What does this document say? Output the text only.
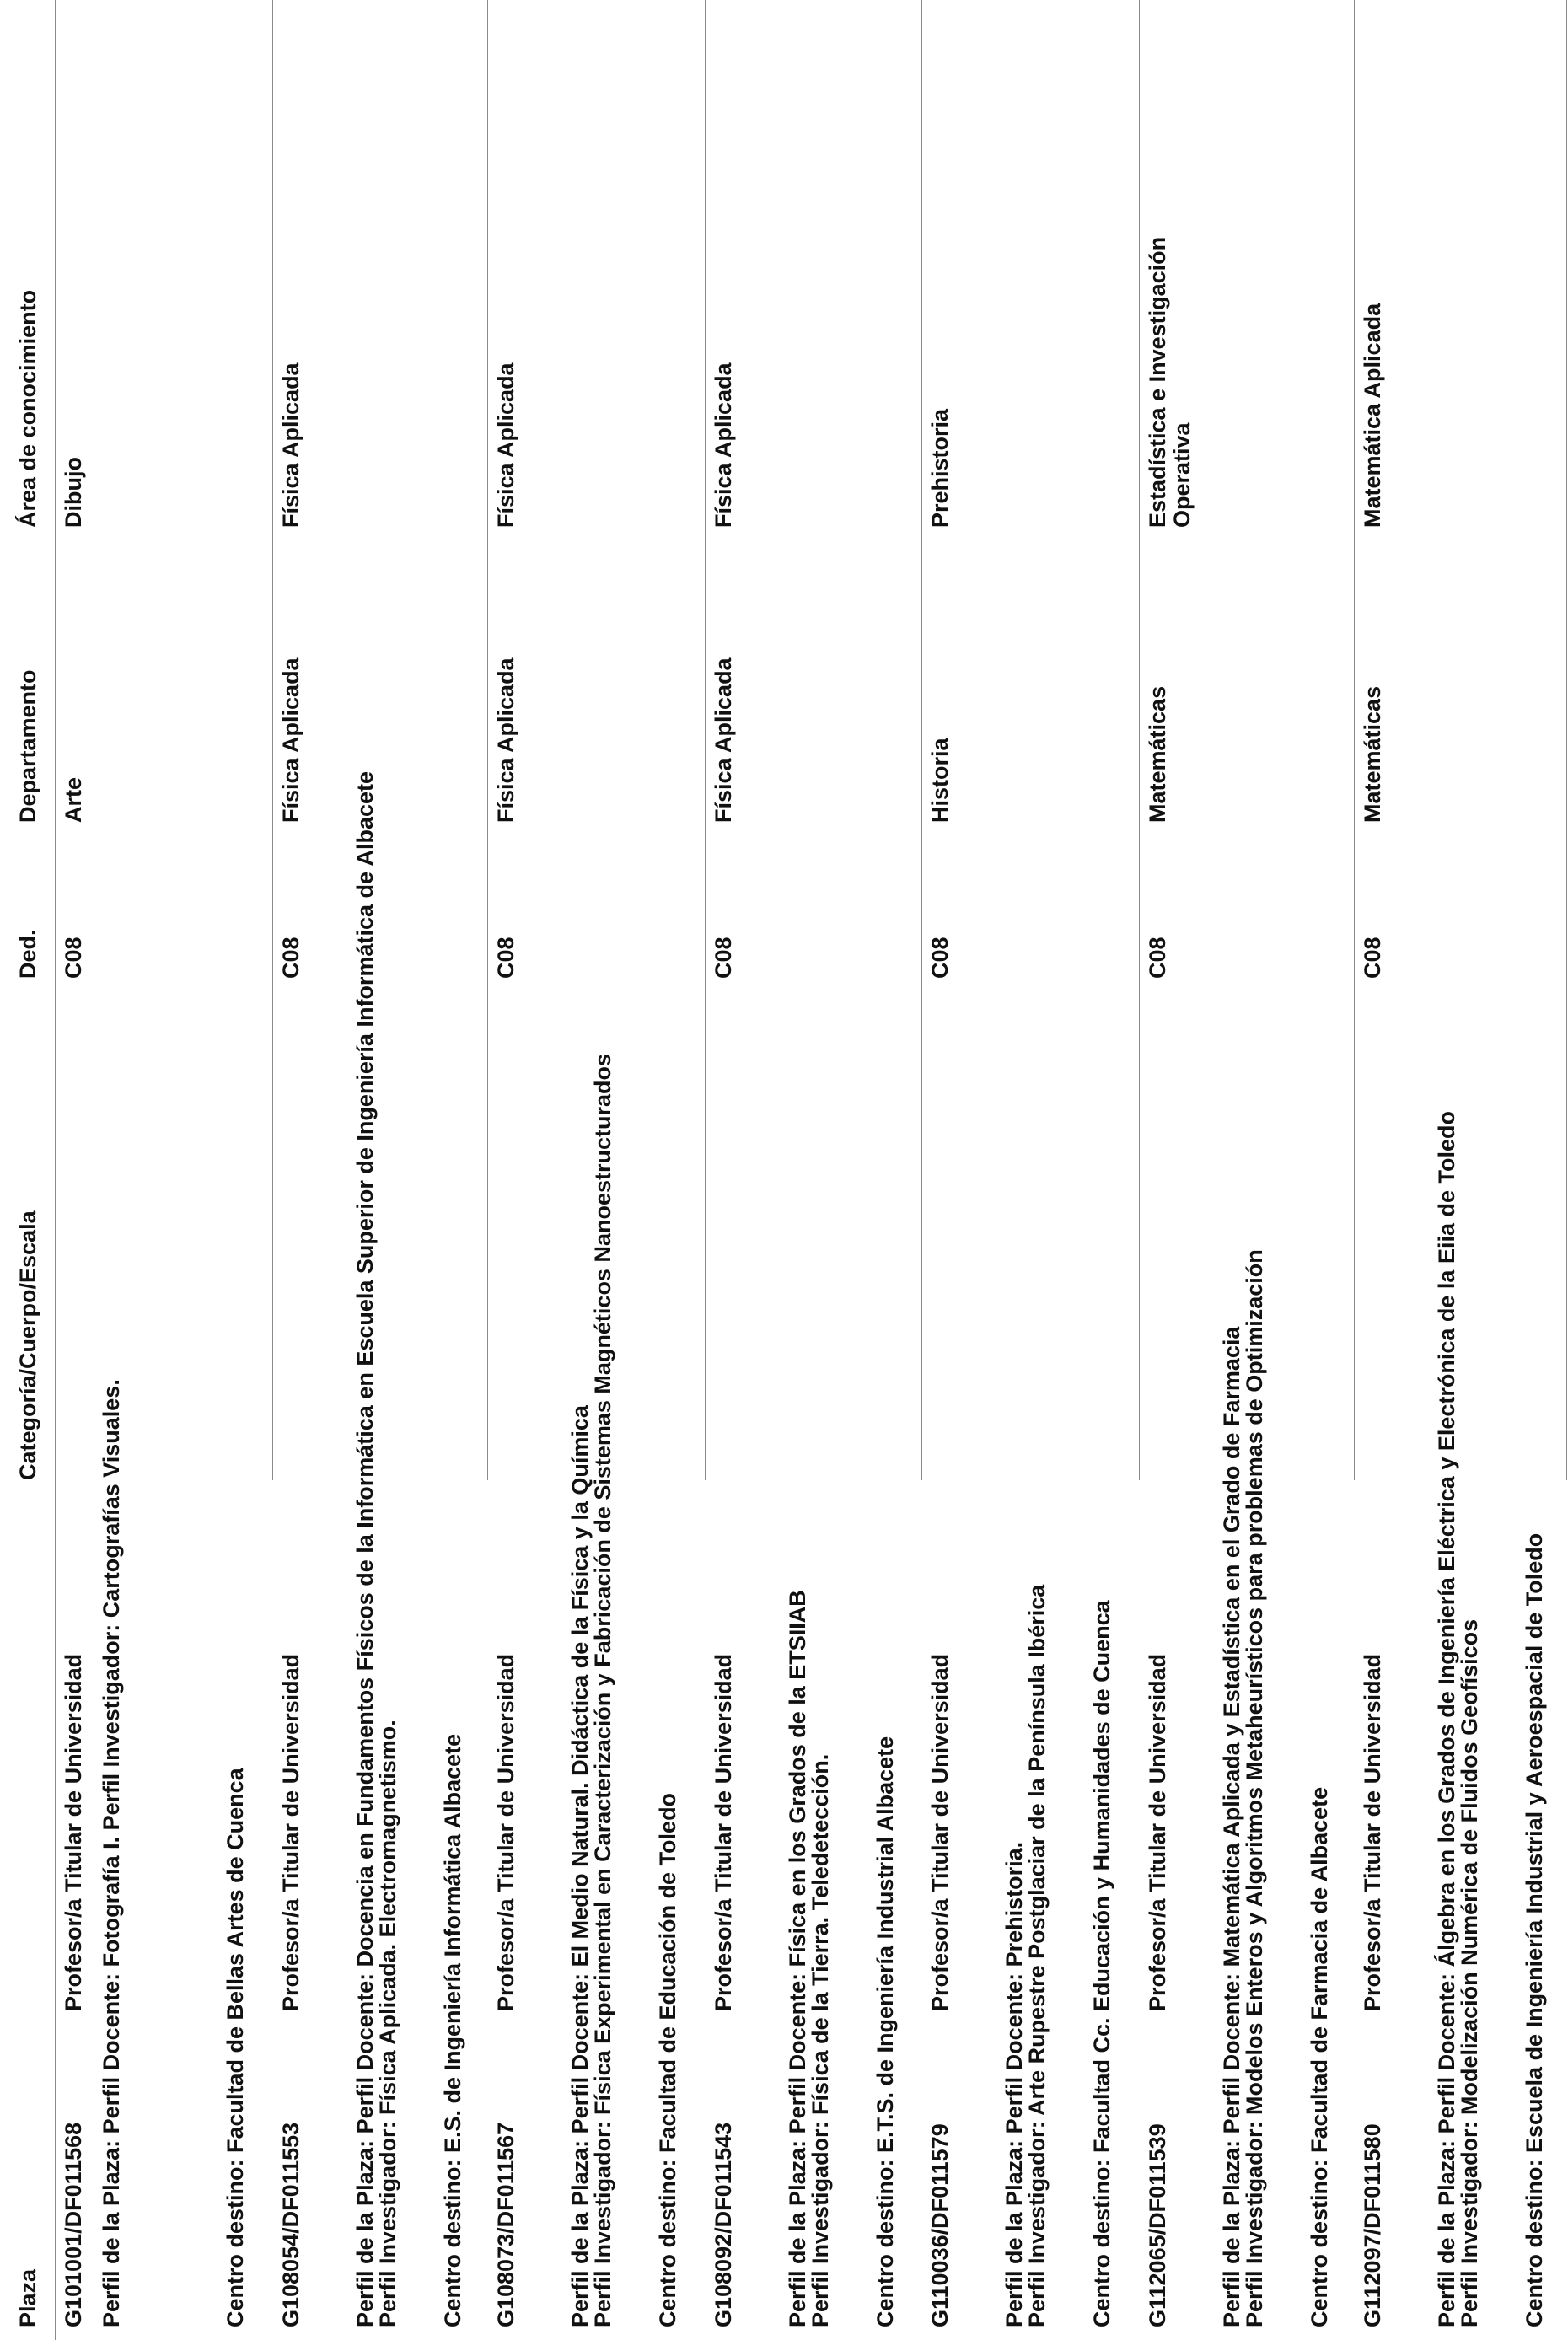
Plaza
Categoría/Cuerpo/Escala
Ded.
Departamento
Área de conocimiento
G101001/DF011568
Profesor/a Titular de Universidad
C08
Arte
Dibujo
Perfil de la Plaza: Perfil Docente: Fotografía I. Perfil Investigador: Cartografías Visuales.	Centro destino: Facultad de Bellas Artes de Cuenca G108054/DF011553
Profesor/a Titular de Universidad
C08
Física Aplicada
Física Aplicada
Perfil de la Plaza: Perfil Docente: Docencia en Fundamentos Físicos de la Informática en Escuela Superior de Ingeniería Informática de Albacete
Perfil Investigador: Física Aplicada. Electromagnetismo. Centro destino: E.S. de Ingeniería Informática Albacete G108073/DF011567
Profesor/a Titular de Universidad
C08
Física Aplicada
Física Aplicada
Perfil de la Plaza: Perfil Docente: El Medio Natural. Didáctica de la Física y la Química
Perfil Investigador: Física Experimental en Caracterización y Fabricación de Sistemas Magnéticos Nanoestructurados Centro destino: Facultad de Educación de Toledo G108092/DF011543
Profesor/a Titular de Universidad
C08
Física Aplicada
Física Aplicada
Perfil de la Plaza: Perfil Docente: Física en los Grados de la ETSIIAB
Perfil Investigador: Física de la Tierra. Teledetección. Centro destino: E.T.S. de Ingeniería Industrial Albacete G110036/DF011579
Profesor/a Titular de Universidad
C08
Historia
Prehistoria
Perfil de la Plaza: Perfil Docente: Prehistoria.
Perfil Investigador: Arte Rupestre Postglaciar de la Península Ibérica Centro destino: Facultad Cc. Educación y Humanidades de Cuenca G112065/DF011539
Profesor/a Titular de Universidad
C08
Matemáticas
Estadística e Investigación Operativa
Perfil de la Plaza: Perfil Docente: Matemática Aplicada y Estadística en el Grado de Farmacia
Perfil Investigador: Modelos Enteros y Algoritmos Metaheurísticos para problemas de Optimización Centro destino: Facultad de Farmacia de Albacete G112097/DF011580
Profesor/a Titular de Universidad
C08
Matemáticas
Matemática Aplicada
Perfil de la Plaza: Perfil Docente: Álgebra en los Grados de Ingeniería Eléctrica y Electrónica de la Eiia de Toledo
Perfil Investigador: Modelización Numérica de Fluidos Geofísicos Centro destino: Escuela de Ingeniería Industrial y Aeroespacial de Toledo
